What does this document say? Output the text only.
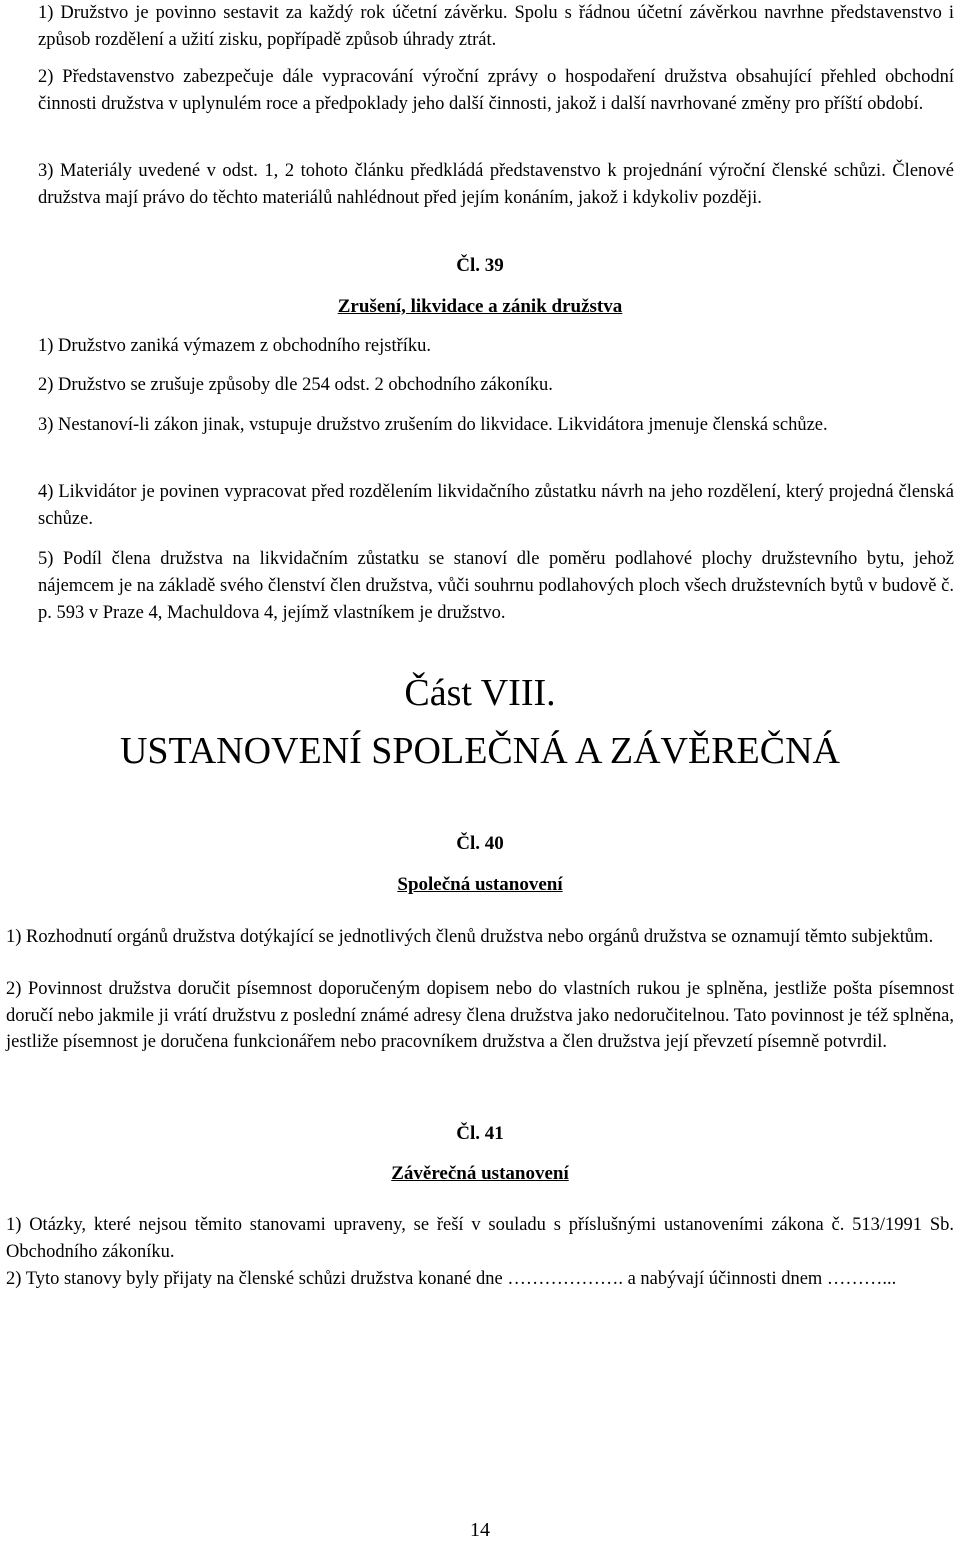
1) Družstvo je povinno sestavit za každý rok účetní závěrku. Spolu s řádnou účetní závěrkou navrhne představenstvo i způsob rozdělení a užití zisku, popřípadě způsob úhrady ztrát.

2) Představenstvo zabezpečuje dále vypracování výroční zprávy o hospodaření družstva obsahující přehled obchodní činnosti družstva v uplynulém roce a předpoklady jeho další činnosti, jakož i další navrhované změny pro příští období.

3) Materiály uvedené v odst. 1, 2 tohoto článku předkládá představenstvo k projednání výroční členské schůzi. Členové družstva mají právo do těchto materiálů nahlédnout před jejím konáním, jakož i kdykoliv později.

Čl. 39

Zrušení, likvidace a zánik družstva

1) Družstvo zaniká výmazem z obchodního rejstříku.

2) Družstvo se zrušuje způsoby dle 254 odst. 2 obchodního zákoníku.

3) Nestanoví-li zákon jinak, vstupuje družstvo zrušením do likvidace. Likvidátora jmenuje členská schůze.

4) Likvidátor je povinen vypracovat před rozdělením likvidačního zůstatku návrh na jeho rozdělení, který projedná členská schůze.

5) Podíl člena družstva na likvidačním zůstatku se stanoví dle poměru podlahové plochy družstevního bytu, jehož nájemcem je na základě svého členství člen družstva, vůči souhrnu podlahových ploch všech družstevních bytů v budově č. p. 593 v Praze 4, Machuldova 4, jejímž vlastníkem je družstvo.

Část VIII.

USTANOVENÍ SPOLEČNÁ A ZÁVĚREČNÁ

Čl. 40

Společná ustanovení

1) Rozhodnutí orgánů družstva dotýkající se jednotlivých členů družstva nebo orgánů družstva se oznamují těmto subjektům.

2) Povinnost družstva doručit písemnost doporučeným dopisem nebo do vlastních rukou je splněna, jestliže pošta písemnost doručí nebo jakmile ji vrátí družstvu z poslední známé adresy člena družstva jako nedoručitelnou. Tato povinnost je též splněna, jestliže písemnost je doručena funkcionářem nebo pracovníkem družstva a člen družstva její převzetí písemně potvrdil.

Čl. 41

Závěrečná ustanovení

1) Otázky, které nejsou těmito stanovami upraveny, se řeší v souladu s příslušnými ustanoveními zákona č. 513/1991 Sb. Obchodního zákoníku.

2) Tyto stanovy byly přijaty na členské schůzi družstva konané dne ………………. a nabývají účinnosti dnem ………...

14
